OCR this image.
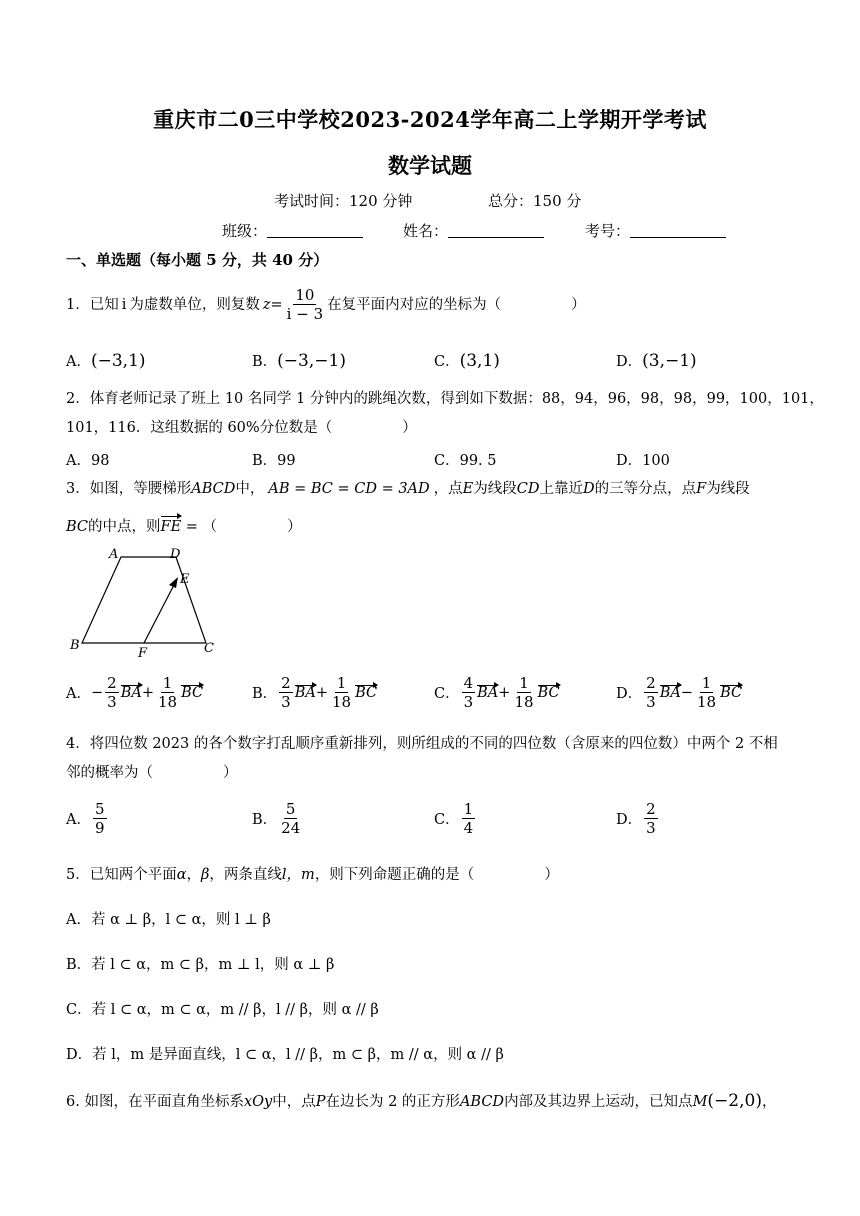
重庆市二0三中学校2023-2024学年高二上学期开学考试
数学试题
考试时间：120 分钟	总分：150 分
班级：	姓名：	考号：
一、单选题（每小题 5 分，共 40 分）
1．已知 i 为虚数单位，则复数 $z = \frac{10}{i - 3}$ 在复平面内对应的坐标为（	）
A．(−3,1)	B．(−3,−1)	C．(3,1)	D．(3,−1)
2．体育老师记录了班上 10 名同学 1 分钟内的跳绳次数，得到如下数据：88，94，96，98，98，99，100，101，
101，116．这组数据的 60%分位数是（	）
A．98	B．99	C．99. 5	D．100
3．如图，等腰梯形ABCD中， AB = BC = CD = 3AD ，点E为线段CD上靠近D的三等分点，点F为线段
BC的中点，则FE = （	）
A	D
E
B
F	C
A． − $\frac{2}{3}$ BA + $\frac{1}{18}$ BC	B． $\frac{2}{3}$ BA + $\frac{1}{18}$ BC	C． $\frac{4}{3}$ BA + $\frac{1}{18}$ BC	D． $\frac{2}{3}$ BA − $\frac{1}{18}$ BC
4．将四位数 2023 的各个数字打乱顺序重新排列，则所组成的不同的四位数（含原来的四位数）中两个 2 不相
邻的概率为（	）
A． $\frac{5}{9}$	B． $\frac{5}{24}$	C． $\frac{1}{4}$	D． $\frac{2}{3}$
5．已知两个平面α，β，两条直线l，m，则下列命题正确的是（	）
A．若 α ⊥ β，l ⊂ α，则 l ⊥ β
B．若 l ⊂ α，m ⊂ β，m ⊥ l，则 α ⊥ β
C．若 l ⊂ α，m ⊂ α，m // β，l // β，则 α // β
D．若 l，m 是异面直线，l ⊂ α，l // β，m ⊂ β，m // α，则 α // β
6. 如图，在平面直角坐标系xOy中，点P在边长为 2 的正方形ABCD内部及其边界上运动，已知点M(−2,0)，
